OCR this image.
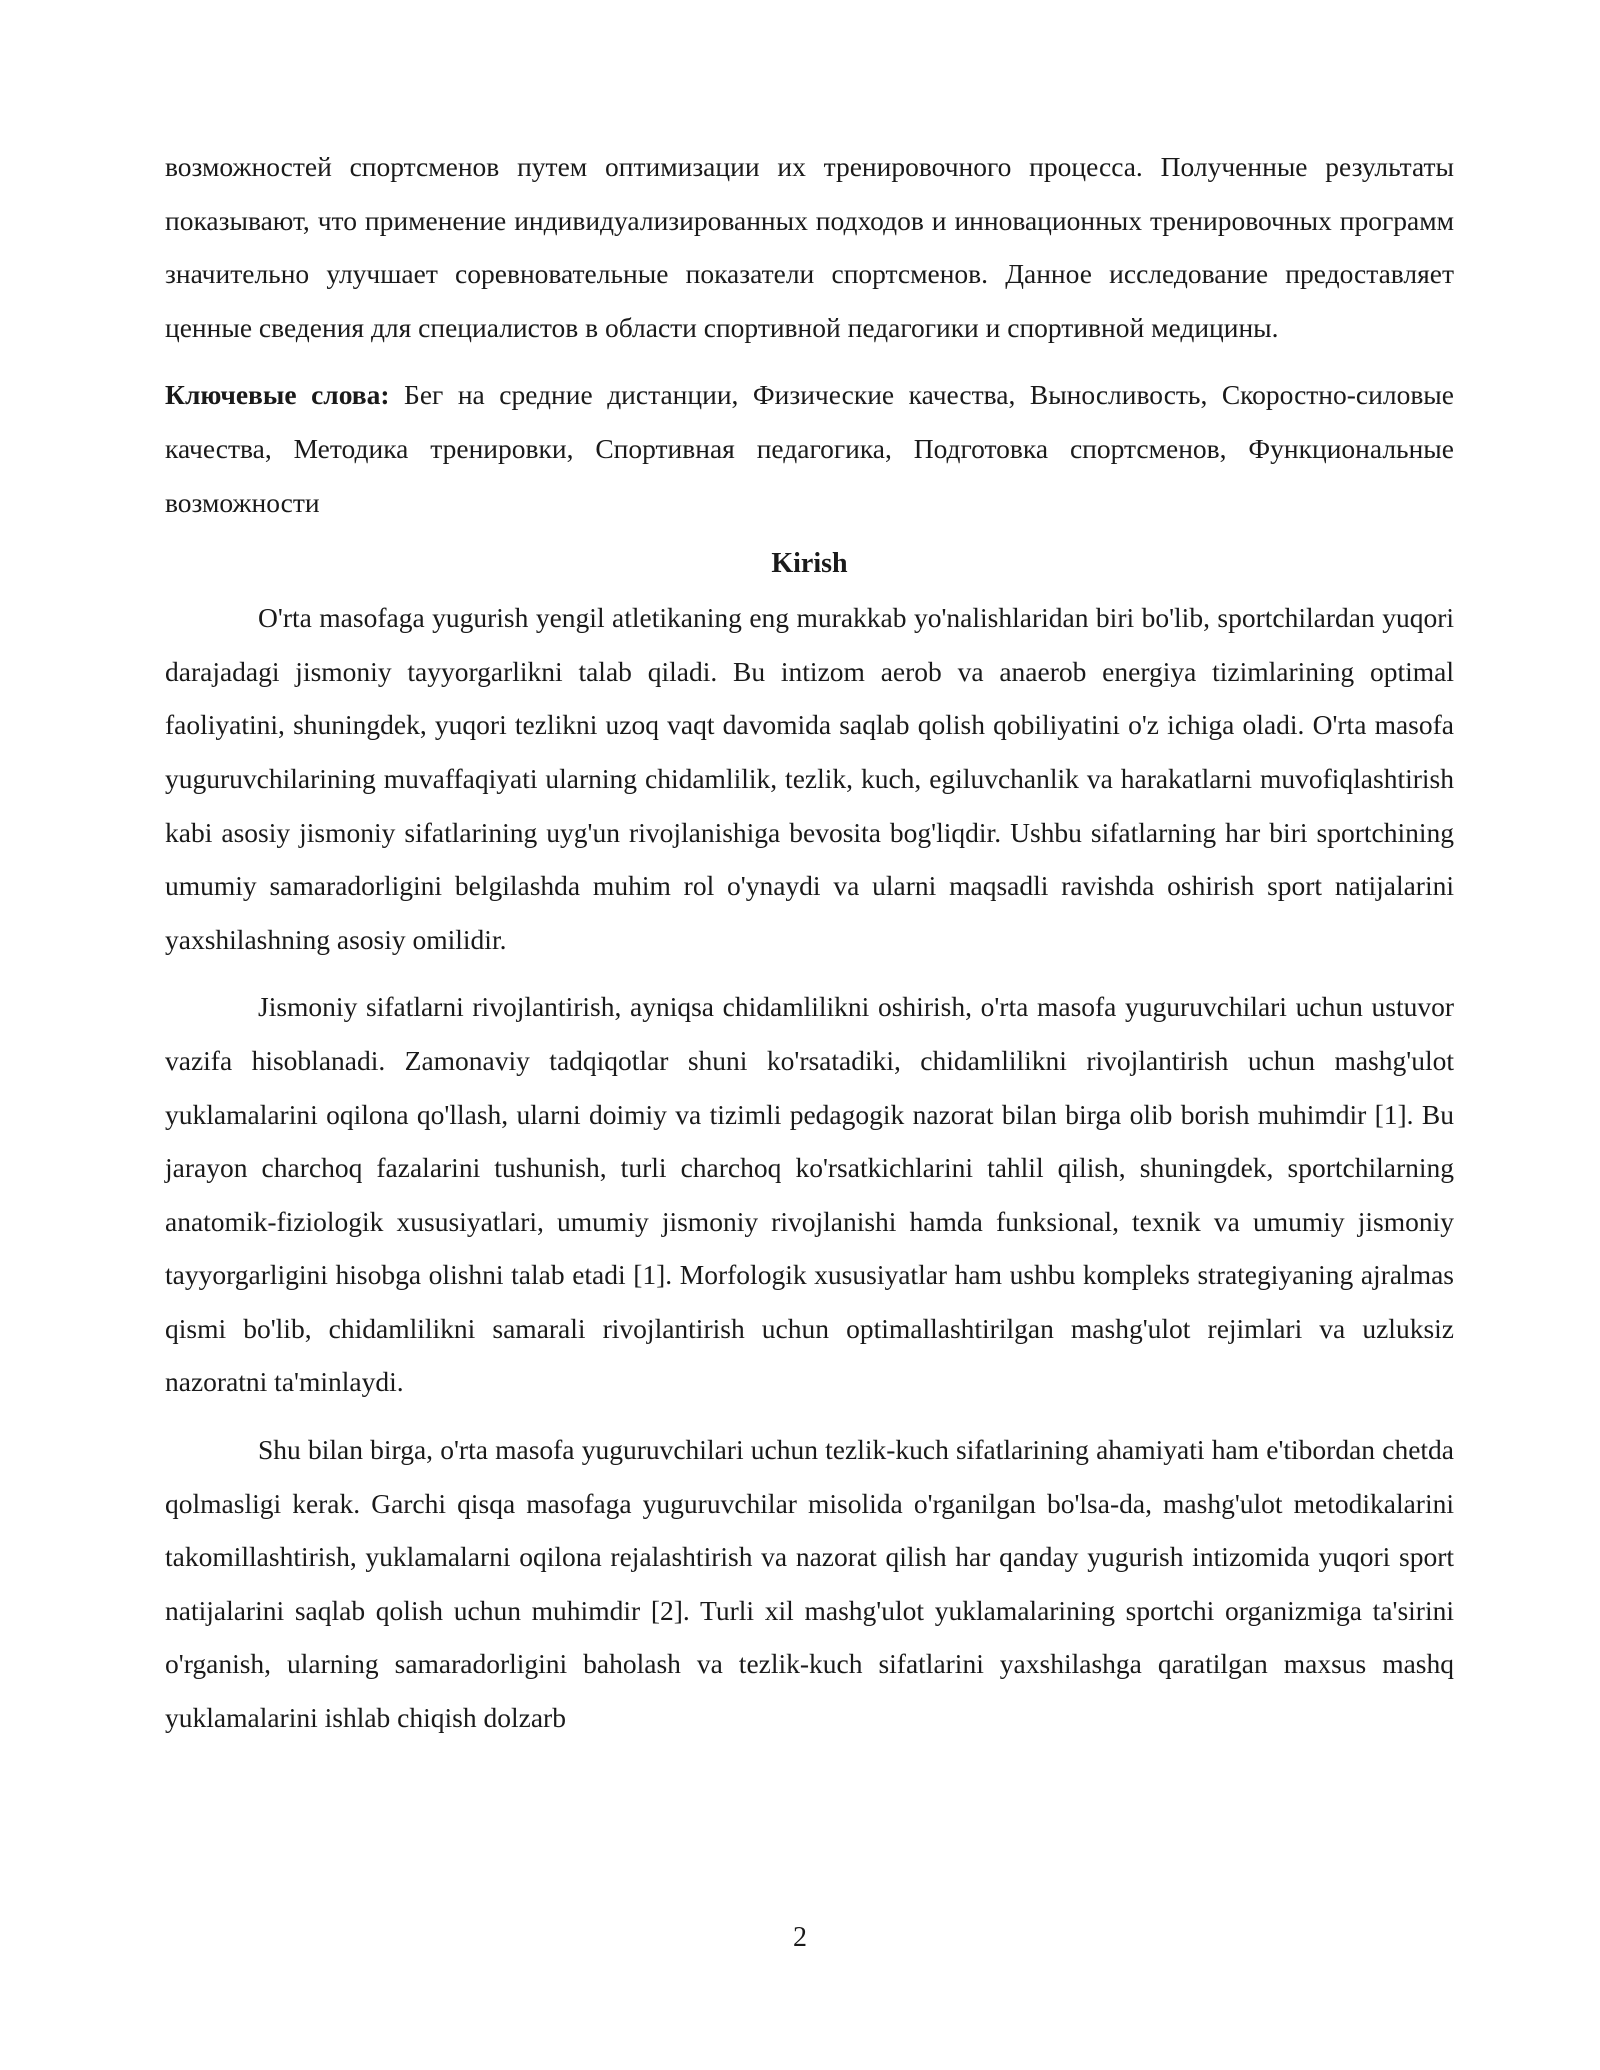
возможностей спортсменов путем оптимизации их тренировочного процесса. Полученные результаты показывают, что применение индивидуализированных подходов и инновационных тренировочных программ значительно улучшает соревновательные показатели спортсменов. Данное исследование предоставляет ценные сведения для специалистов в области спортивной педагогики и спортивной медицины.

Ключевые слова: Бег на средние дистанции, Физические качества, Выносливость, Скоростно-силовые качества, Методика тренировки, Спортивная педагогика, Подготовка спортсменов, Функциональные возможности

Kirish

O'rta masofaga yugurish yengil atletikaning eng murakkab yo'nalishlaridan biri bo'lib, sportchilardan yuqori darajadagi jismoniy tayyorgarlikni talab qiladi. Bu intizom aerob va anaerob energiya tizimlarining optimal faoliyatini, shuningdek, yuqori tezlikni uzoq vaqt davomida saqlab qolish qobiliyatini o'z ichiga oladi. O'rta masofa yuguruvchilarining muvaffaqiyati ularning chidamlilik, tezlik, kuch, egiluvchanlik va harakatlarni muvofiqlashtirish kabi asosiy jismoniy sifatlarining uyg'un rivojlanishiga bevosita bog'liqdir. Ushbu sifatlarning har biri sportchining umumiy samaradorligini belgilashda muhim rol o'ynaydi va ularni maqsadli ravishda oshirish sport natijalarini yaxshilashning asosiy omilidir.

Jismoniy sifatlarni rivojlantirish, ayniqsa chidamlilikni oshirish, o'rta masofa yuguruvchilari uchun ustuvor vazifa hisoblanadi. Zamonaviy tadqiqotlar shuni ko'rsatadiki, chidamlilikni rivojlantirish uchun mashg'ulot yuklamalarini oqilona qo'llash, ularni doimiy va tizimli pedagogik nazorat bilan birga olib borish muhimdir [1]. Bu jarayon charchoq fazalarini tushunish, turli charchoq ko'rsatkichlarini tahlil qilish, shuningdek, sportchilarning anatomik-fiziologik xususiyatlari, umumiy jismoniy rivojlanishi hamda funksional, texnik va umumiy jismoniy tayyorgarligini hisobga olishni talab etadi [1]. Morfologik xususiyatlar ham ushbu kompleks strategiyaning ajralmas qismi bo'lib, chidamlilikni samarali rivojlantirish uchun optimallashtirilgan mashg'ulot rejimlari va uzluksiz nazoratni ta'minlaydi.

Shu bilan birga, o'rta masofa yuguruvchilari uchun tezlik-kuch sifatlarining ahamiyati ham e'tibordan chetda qolmasligi kerak. Garchi qisqa masofaga yuguruvchilar misolida o'rganilgan bo'lsa-da, mashg'ulot metodikalarini takomillashtirish, yuklamalarni oqilona rejalashtirish va nazorat qilish har qanday yugurish intizomida yuqori sport natijalarini saqlab qolish uchun muhimdir [2]. Turli xil mashg'ulot yuklamalarining sportchi organizmiga ta'sirini o'rganish, ularning samaradorligini baholash va tezlik-kuch sifatlarini yaxshilashga qaratilgan maxsus mashq yuklamalarini ishlab chiqish dolzarb

2
